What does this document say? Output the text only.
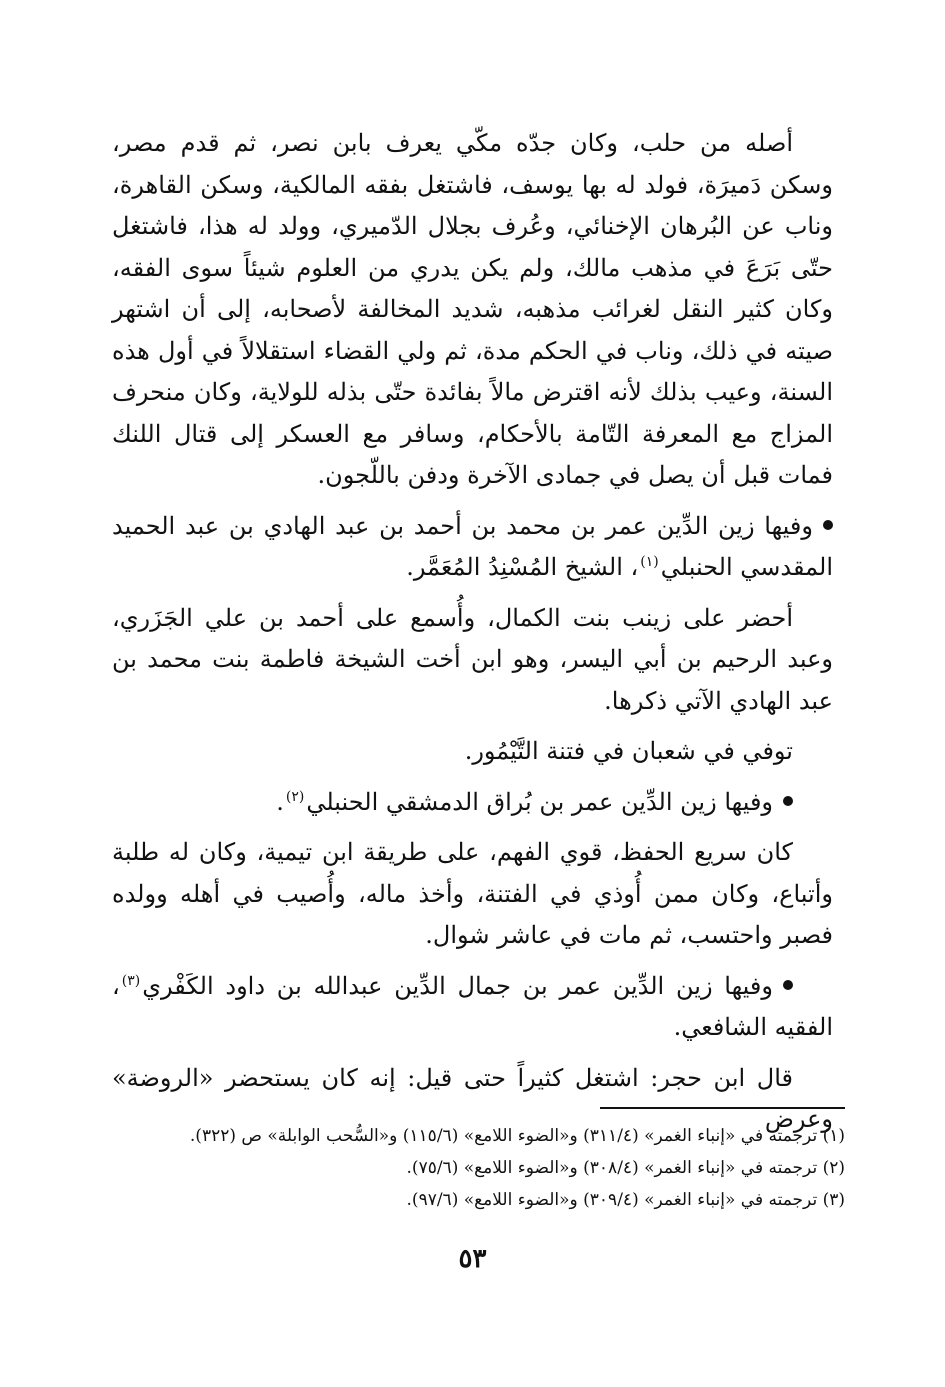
أصله من حلب، وكان جدّه مكّي يعرف بابن نصر، ثم قدم مصر، وسكن دَميرَة، فولد له بها يوسف، فاشتغل بفقه المالكية، وسكن القاهرة، وناب عن البُرهان الإخنائي، وعُرف بجلال الدّميري، وولد له هذا، فاشتغل حتّى بَرَعَ في مذهب مالك، ولم يكن يدري من العلوم شيئاً سوى الفقه، وكان كثير النقل لغرائب مذهبه، شديد المخالفة لأصحابه، إلى أن اشتهر صيته في ذلك، وناب في الحكم مدة، ثم ولي القضاء استقلالاً في أول هذه السنة، وعيب بذلك لأنه اقترض مالاً بفائدة حتّى بذله للولاية، وكان منحرف المزاج مع المعرفة التّامة بالأحكام، وسافر مع العسكر إلى قتال اللنك فمات قبل أن يصل في جمادى الآخرة ودفن باللّجون.

وفيها زين الدِّين عمر بن محمد بن أحمد بن عبد الهادي بن عبد الحميد المقدسي الحنبلي$^{(١)}$، الشيخ المُسْنِدُ المُعَمَّر.

أحضر على زينب بنت الكمال، وأُسمع على أحمد بن علي الجَزَري، وعبد الرحيم بن أبي اليسر، وهو ابن أخت الشيخة فاطمة بنت محمد بن عبد الهادي الآتي ذكرها.

توفي في شعبان في فتنة التَّيْمُور.

وفيها زين الدِّين عمر بن بُراق الدمشقي الحنبلي$^{(٢)}$.

كان سريع الحفظ، قوي الفهم، على طريقة ابن تيمية، وكان له طلبة وأتباع، وكان ممن أُوذي في الفتنة، وأخذ ماله، وأُصيب في أهله وولده فصبر واحتسب، ثم مات في عاشر شوال.

وفيها زين الدِّين عمر بن جمال الدِّين عبدالله بن داود الكَفْري$^{(٣)}$، الفقيه الشافعي.

قال ابن حجر: اشتغل كثيراً حتى قيل: إنه كان يستحضر «الروضة» وعرض

(١) ترجمته في «إنباء الغمر» (٣١١/٤) و«الضوء اللامع» (١١٥/٦) و«السُّحب الوابلة» ص (٣٢٢).

(٢) ترجمته في «إنباء الغمر» (٣٠٨/٤) و«الضوء اللامع» (٧٥/٦).

(٣) ترجمته في «إنباء الغمر» (٣٠٩/٤) و«الضوء اللامع» (٩٧/٦).

٥٣
